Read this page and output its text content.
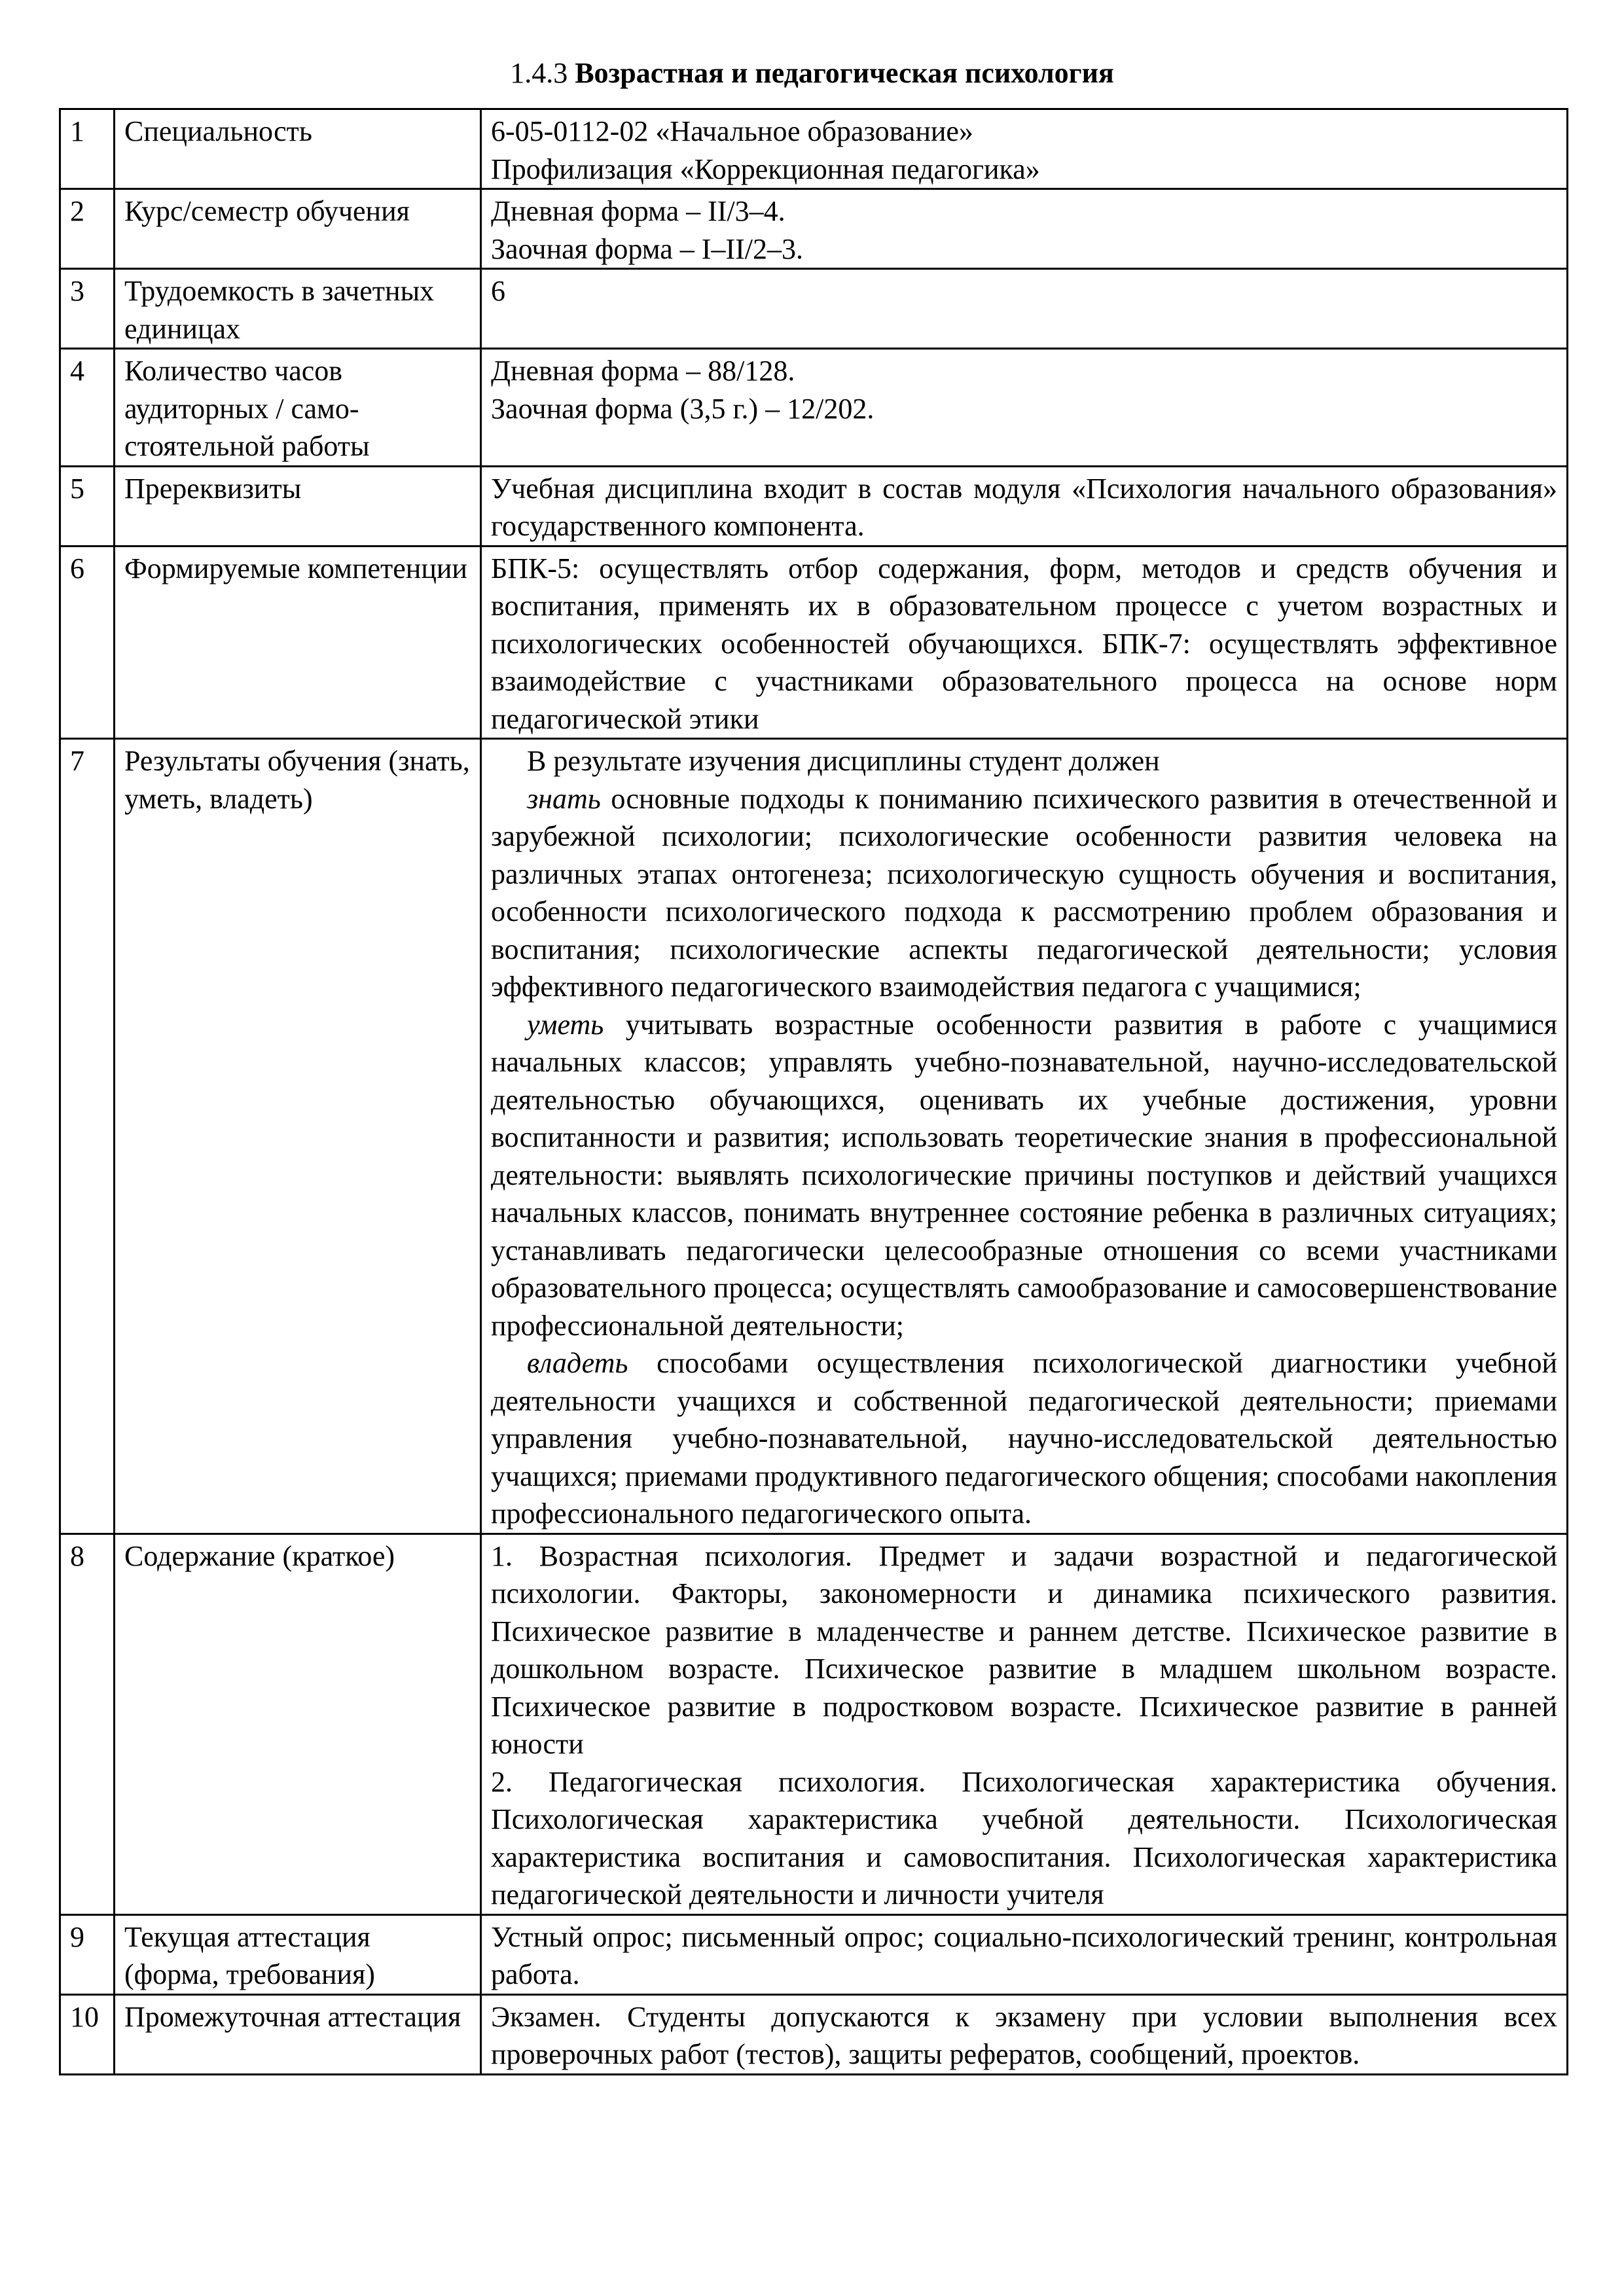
1.4.3 Возрастная и педагогическая психология
1	Специальность	6-05-0112-02 «Начальное образование»
Профилизация «Коррекционная педагогика»

2	Курс/семестр обучения	Дневная форма – II/3–4.
Заочная форма – I–II/2–3.

3	Трудоемкость в зачетных единицах	6

4	Количество часов аудиторных / само-стоятельной работы	Дневная форма – 88/128.
Заочная форма (3,5 г.) – 12/202.

5	Пререквизиты	Учебная дисциплина входит в состав модуля «Психология начального образования» государственного компонента.
6	Формируемые компетенции	БПК-5: осуществлять отбор содержания, форм, методов и средств обучения и воспитания, применять их в образовательном процессе с учетом возрастных и психологических особенностей обучающихся. БПК-7: осуществлять эффективное взаимодействие с участниками образовательного процесса на основе норм педагогической этики
7	Результаты обучения (знать, уметь, владеть)	В результате изучения дисциплины студент должен
знать основные подходы к пониманию психического развития в отечественной и зарубежной психологии; психологические особенности развития человека на различных этапах онтогенеза; психологическую сущность обучения и воспитания, особенности психологического подхода к рассмотрению проблем образования и воспитания; психологические аспекты педагогической деятельности; условия эффективного педагогического взаимодействия педагога с учащимися;
уметь учитывать возрастные особенности развития в работе с учащимися начальных классов; управлять учебно-познавательной, научно-исследовательской деятельностью обучающихся, оценивать их учебные достижения, уровни воспитанности и развития; использовать теоретические знания в профессиональной деятельности: выявлять психологические причины поступков и действий учащихся начальных классов, понимать внутреннее состояние ребенка в различных ситуациях; устанавливать педагогически целесообразные отношения со всеми участниками образовательного процесса; осуществлять самообразование и самосовершенствование профессиональной деятельности;
владеть способами осуществления психологической диагностики учебной деятельности учащихся и собственной педагогической деятельности; приемами управления учебно-познавательной, научно-исследовательской деятельностью учащихся; приемами продуктивного педагогического общения; способами накопления профессионального педагогического опыта.

8	Содержание (краткое)	1. Возрастная психология. Предмет и задачи возрастной и педагогической психологии. Факторы, закономерности и динамика психического развития. Психическое развитие в младенчестве и раннем детстве. Психическое развитие в дошкольном возрасте. Психическое развитие в младшем школьном возрасте. Психическое развитие в подростковом возрасте. Психическое развитие в ранней юности
2. Педагогическая психология. Психологическая характеристика обучения. Психологическая характеристика учебной деятельности. Психологическая характеристика воспитания и самовоспитания. Психологическая характеристика педагогической деятельности и личности учителя

9	Текущая аттестация (форма, требования)	Устный опрос; письменный опрос; социально-психологический тренинг, контрольная работа.
10	Промежуточная аттестация	Экзамен. Студенты допускаются к экзамену при условии выполнения всех проверочных работ (тестов), защиты рефератов, сообщений, проектов.
